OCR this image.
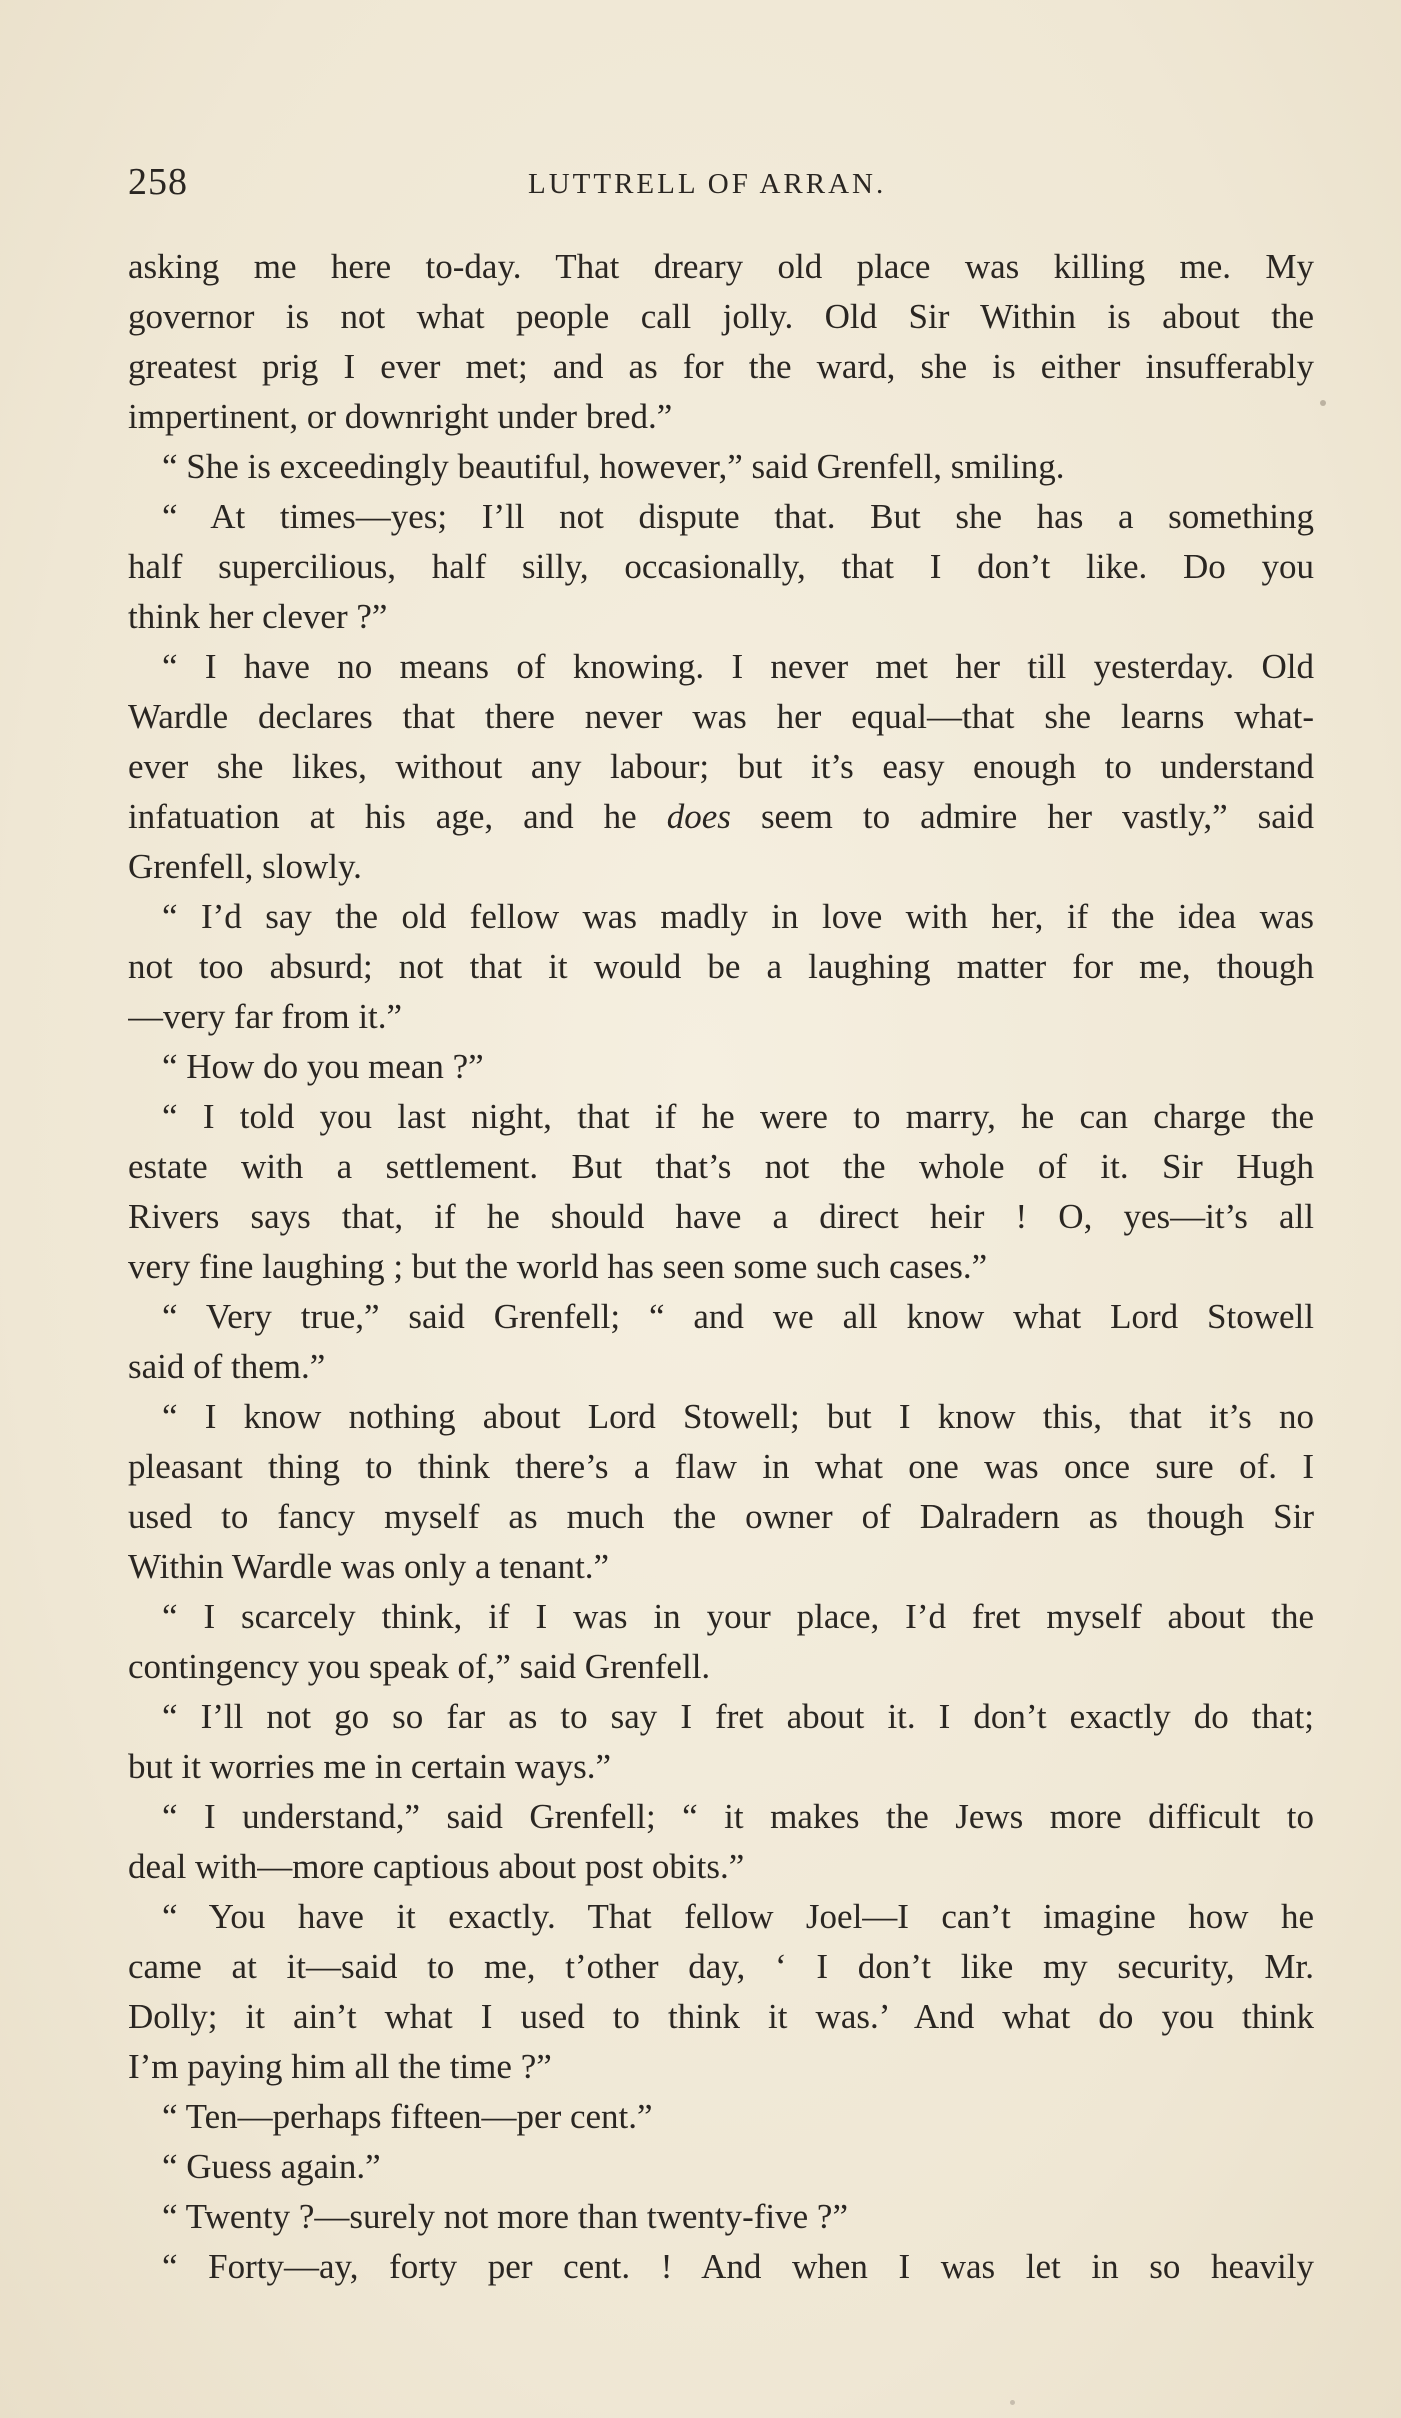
258	LUTTRELL OF ARRAN.
asking me here to-day. That dreary old place was killing me. My
governor is not what people call jolly. Old Sir Within is about the
greatest prig I ever met; and as for the ward, she is either insufferably
impertinent, or downright under bred.”
“ She is exceedingly beautiful, however,” said Grenfell, smiling.
“ At times—yes; I’ll not dispute that. But she has a something
half supercilious, half silly, occasionally, that I don’t like. Do you
think her clever ?”
“ I have no means of knowing. I never met her till yesterday. Old
Wardle declares that there never was her equal—that she learns what-
ever she likes, without any labour; but it’s easy enough to understand
infatuation at his age, and he does seem to admire her vastly,” said
Grenfell, slowly.
“ I’d say the old fellow was madly in love with her, if the idea was
not too absurd; not that it would be a laughing matter for me, though
—very far from it.”
“ How do you mean ?”
“ I told you last night, that if he were to marry, he can charge the
estate with a settlement. But that’s not the whole of it. Sir Hugh
Rivers says that, if he should have a direct heir ! O, yes—it’s all
very fine laughing ; but the world has seen some such cases.”
“ Very true,” said Grenfell; “ and we all know what Lord Stowell
said of them.”
“ I know nothing about Lord Stowell; but I know this, that it’s no
pleasant thing to think there’s a flaw in what one was once sure of. I
used to fancy myself as much the owner of Dalradern as though Sir
Within Wardle was only a tenant.”
“ I scarcely think, if I was in your place, I’d fret myself about the
contingency you speak of,” said Grenfell.
“ I’ll not go so far as to say I fret about it. I don’t exactly do that;
but it worries me in certain ways.”
“ I understand,” said Grenfell; “ it makes the Jews more difficult to
deal with—more captious about post obits.”
“ You have it exactly. That fellow Joel—I can’t imagine how he
came at it—said to me, t’other day, ‘ I don’t like my security, Mr.
Dolly; it ain’t what I used to think it was.’ And what do you think
I’m paying him all the time ?”
“ Ten—perhaps fifteen—per cent.”
“ Guess again.”
“ Twenty ?—surely not more than twenty-five ?”
“ Forty—ay, forty per cent. ! And when I was let in so heavily
